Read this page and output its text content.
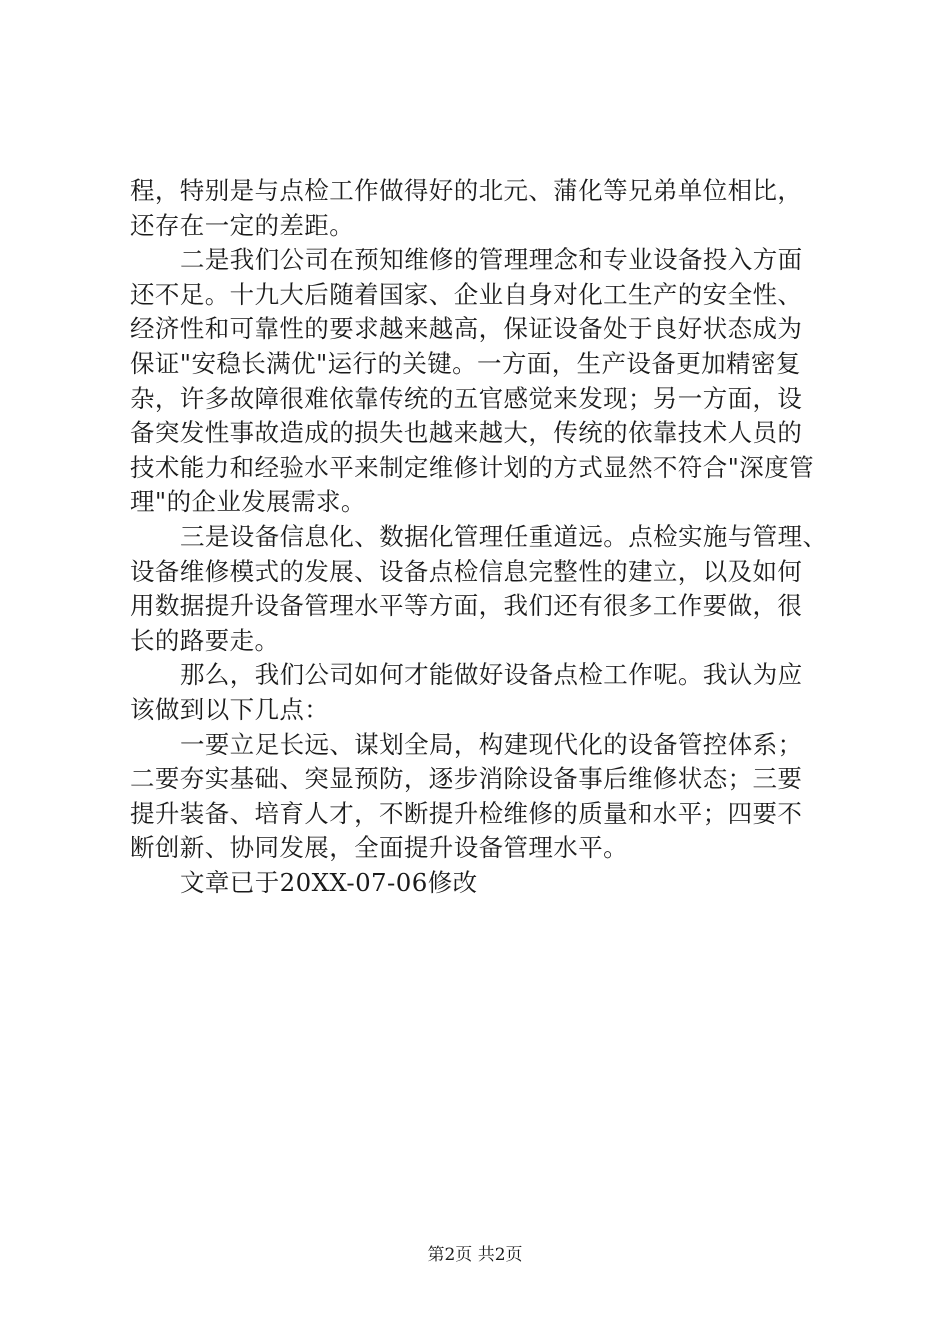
程，特别是与点检工作做得好的北元、蒲化等兄弟单位相比，
还存在一定的差距。
二是我们公司在预知维修的管理理念和专业设备投入方面
还不足。十九大后随着国家、企业自身对化工生产的安全性、
经济性和可靠性的要求越来越高，保证设备处于良好状态成为
保证"安稳长满优"运行的关键。一方面，生产设备更加精密复
杂，许多故障很难依靠传统的五官感觉来发现；另一方面，设
备突发性事故造成的损失也越来越大，传统的依靠技术人员的
技术能力和经验水平来制定维修计划的方式显然不符合"深度管
理"的企业发展需求。
三是设备信息化、数据化管理任重道远。点检实施与管理、
设备维修模式的发展、设备点检信息完整性的建立，以及如何
用数据提升设备管理水平等方面，我们还有很多工作要做，很
长的路要走。
那么，我们公司如何才能做好设备点检工作呢。我认为应
该做到以下几点：
一要立足长远、谋划全局，构建现代化的设备管控体系；
二要夯实基础、突显预防，逐步消除设备事后维修状态；三要
提升装备、培育人才，不断提升检维修的质量和水平；四要不
断创新、协同发展，全面提升设备管理水平。
文章已于20XX-07-06修改
第2页 共2页
